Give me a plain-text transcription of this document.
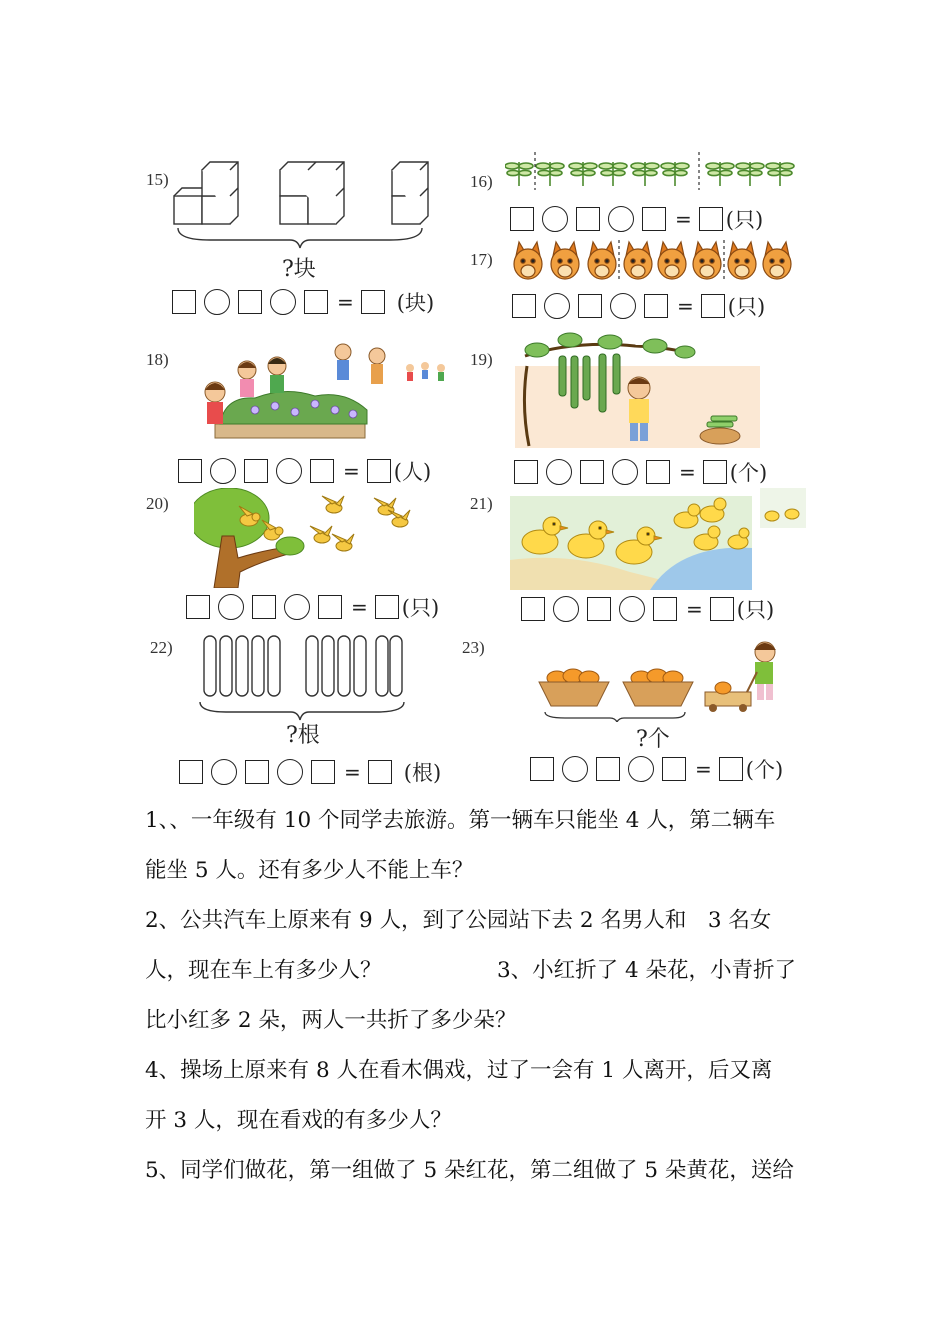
15)
?块
= (块)
16)
= (只)
17)
= (只)
18)
= (人)
19)
= (个)
20)
= (只)
21)
= (只)
22)
?根
= (根)
23)
?个
= (个)

1、、一年级有 10 个同学去旅游。第一辆车只能坐 4 人，第二辆车

能坐 5 人。还有多少人不能上车？

2、公共汽车上原来有 9 人，到了公园站下去 2 名男人和　3 名女

人，现在车上有多少人？	3、小红折了 4 朵花，小青折了

比小红多 2 朵，两人一共折了多少朵？

4、操场上原来有 8 人在看木偶戏，过了一会有 1 人离开，后又离

开 3 人，现在看戏的有多少人？

5、同学们做花，第一组做了 5 朵红花，第二组做了 5 朵黄花，送给
